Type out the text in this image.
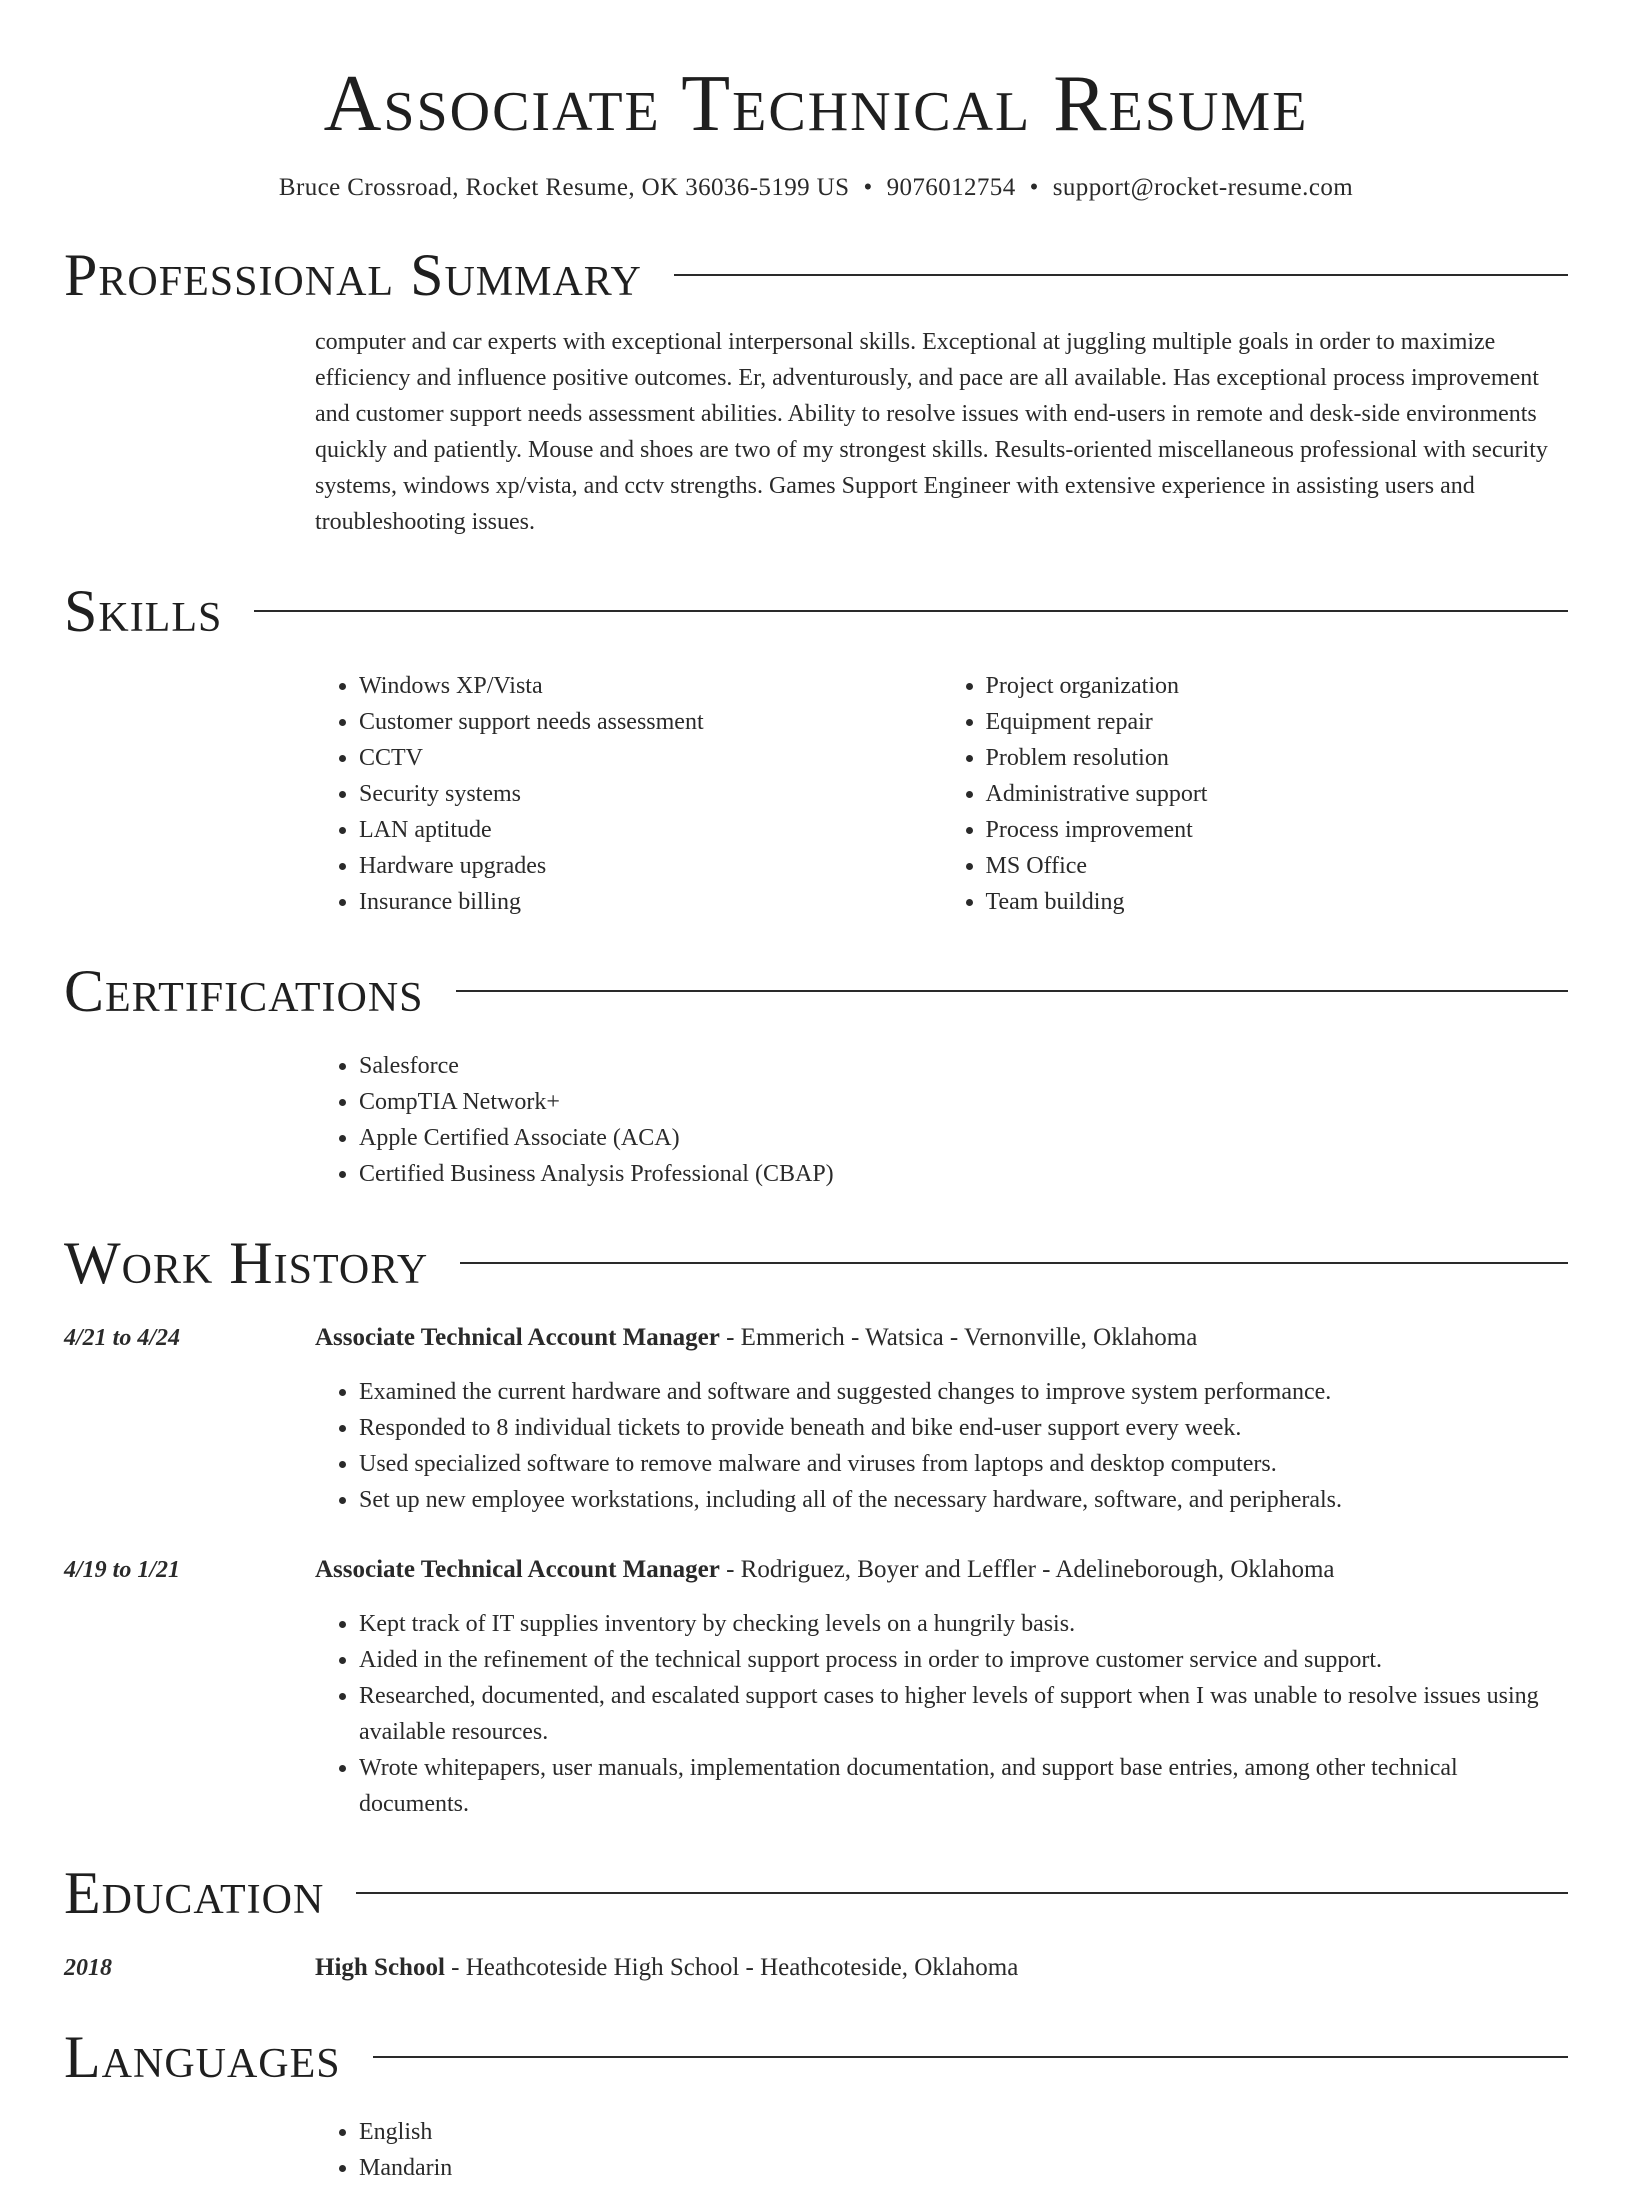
Associate Technical Resume
Bruce Crossroad, Rocket Resume, OK 36036-5199 US • 9076012754 • support@rocket-resume.com
Professional Summary
computer and car experts with exceptional interpersonal skills. Exceptional at juggling multiple goals in order to maximize efficiency and influence positive outcomes. Er, adventurously, and pace are all available. Has exceptional process improvement and customer support needs assessment abilities. Ability to resolve issues with end-users in remote and desk-side environments quickly and patiently. Mouse and shoes are two of my strongest skills. Results-oriented miscellaneous professional with security systems, windows xp/vista, and cctv strengths. Games Support Engineer with extensive experience in assisting users and troubleshooting issues.
Skills
• Windows XP/Vista
• Customer support needs assessment
• CCTV
• Security systems
• LAN aptitude
• Hardware upgrades
• Insurance billing
• Project organization
• Equipment repair
• Problem resolution
• Administrative support
• Process improvement
• MS Office
• Team building
Certifications
• Salesforce
• CompTIA Network+
• Apple Certified Associate (ACA)
• Certified Business Analysis Professional (CBAP)
Work History
4/21 to 4/24	Associate Technical Account Manager - Emmerich - Watsica - Vernonville, Oklahoma
• Examined the current hardware and software and suggested changes to improve system performance.
• Responded to 8 individual tickets to provide beneath and bike end-user support every week.
• Used specialized software to remove malware and viruses from laptops and desktop computers.
• Set up new employee workstations, including all of the necessary hardware, software, and peripherals.
4/19 to 1/21	Associate Technical Account Manager - Rodriguez, Boyer and Leffler - Adelineborough, Oklahoma
• Kept track of IT supplies inventory by checking levels on a hungrily basis.
• Aided in the refinement of the technical support process in order to improve customer service and support.
• Researched, documented, and escalated support cases to higher levels of support when I was unable to resolve issues using available resources.
• Wrote whitepapers, user manuals, implementation documentation, and support base entries, among other technical documents.
Education
2018	High School - Heathcoteside High School - Heathcoteside, Oklahoma
Languages
• English
• Mandarin
